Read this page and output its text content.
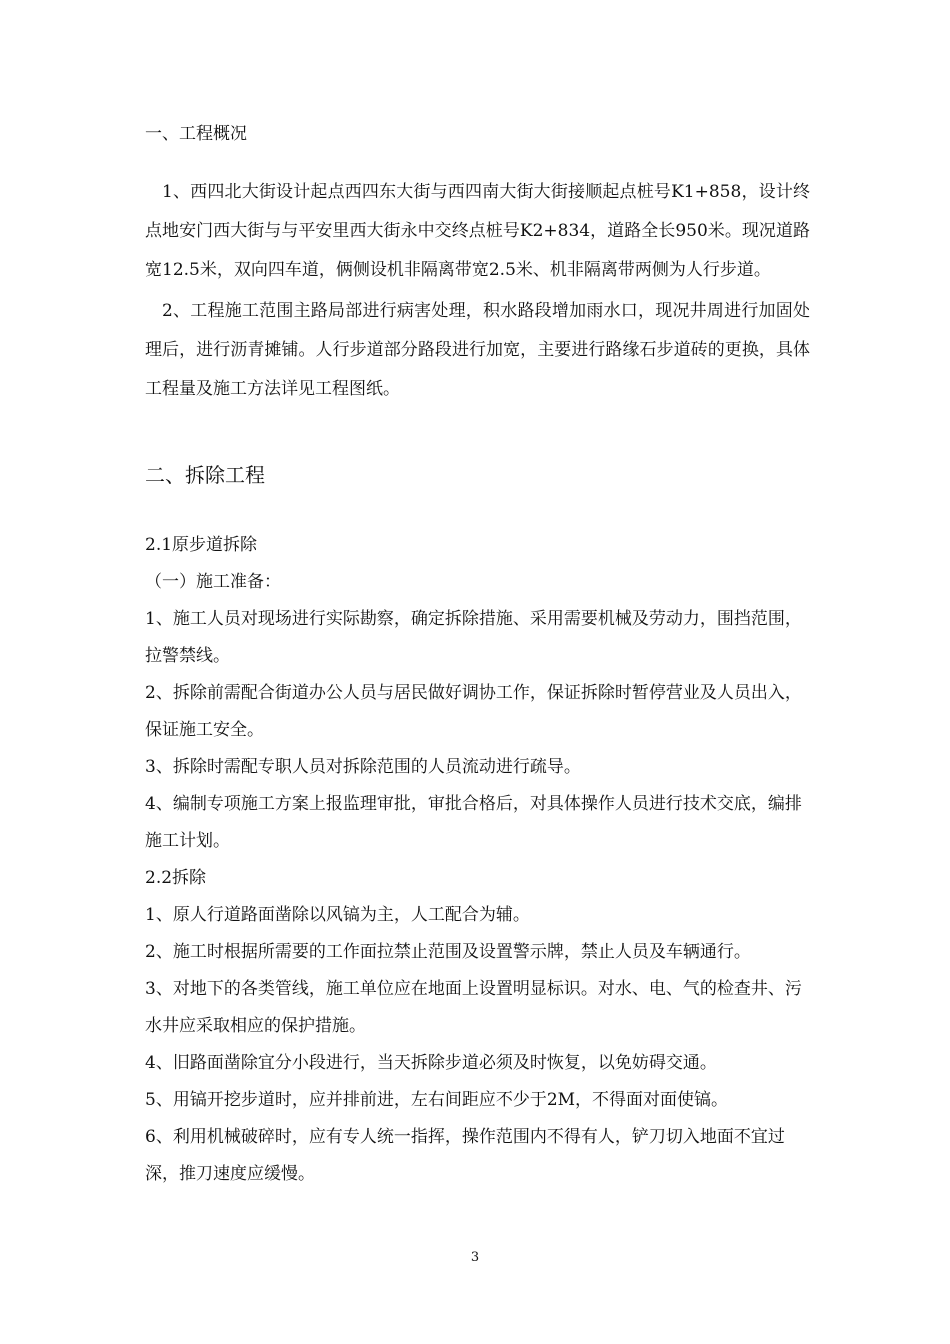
一、工程概况

1、西四北大街设计起点西四东大街与西四南大街大街接顺起点桩号K1+858，设计终点地安门西大街与与平安里西大街永中交终点桩号K2+834，道路全长950米。现况道路宽12.5米，双向四车道，俩侧设机非隔离带宽2.5米、机非隔离带两侧为人行步道。

2、工程施工范围主路局部进行病害处理，积水路段增加雨水口，现况井周进行加固处理后，进行沥青摊铺。人行步道部分路段进行加宽，主要进行路缘石步道砖的更换，具体工程量及施工方法详见工程图纸。

二、拆除工程

2.1原步道拆除

（一）施工准备：

1、施工人员对现场进行实际勘察，确定拆除措施、采用需要机械及劳动力，围挡范围，拉警禁线。

2、拆除前需配合街道办公人员与居民做好调协工作，保证拆除时暂停营业及人员出入，保证施工安全。

3、拆除时需配专职人员对拆除范围的人员流动进行疏导。

4、编制专项施工方案上报监理审批，审批合格后，对具体操作人员进行技术交底，编排施工计划。

2.2拆除

1、原人行道路面凿除以风镐为主，人工配合为辅。

2、施工时根据所需要的工作面拉禁止范围及设置警示牌，禁止人员及车辆通行。

3、对地下的各类管线，施工单位应在地面上设置明显标识。对水、电、气的检查井、污水井应采取相应的保护措施。

4、旧路面凿除宜分小段进行，当天拆除步道必须及时恢复，以免妨碍交通。

5、用镐开挖步道时，应并排前进，左右间距应不少于2M，不得面对面使镐。

6、利用机械破碎时，应有专人统一指挥，操作范围内不得有人，铲刀切入地面不宜过深，推刀速度应缓慢。

3
